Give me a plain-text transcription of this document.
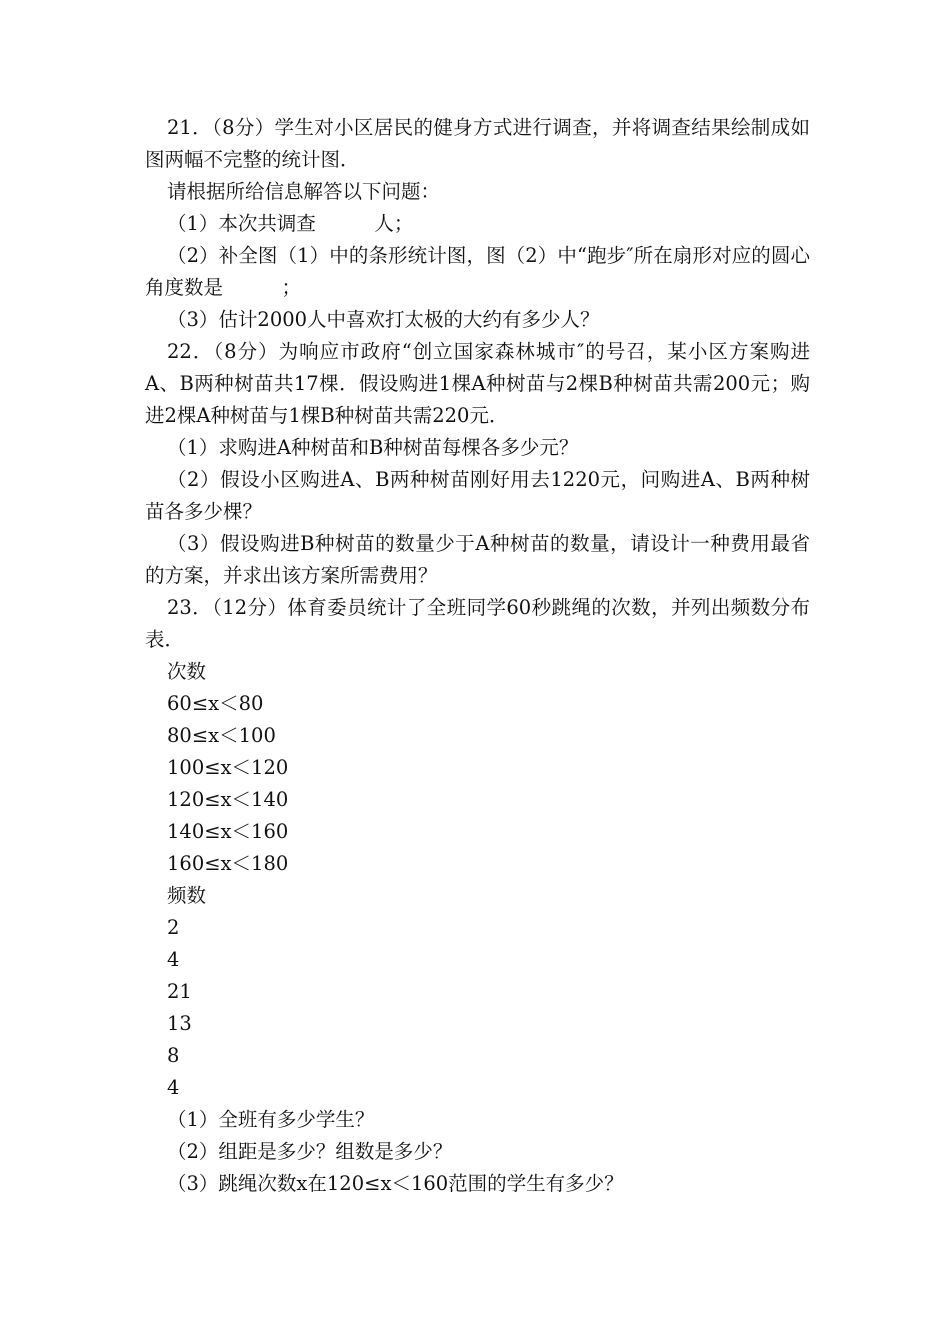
21．（8分）学生对小区居民的健身方式进行调查，并将调查结果绘制成如图两幅不完整的统计图．

请根据所给信息解答以下问题：

（1）本次共调查　　　人；

（2）补全图（1）中的条形统计图，图（2）中“跑步″所在扇形对应的圆心角度数是　　　；

（3）估计2000人中喜欢打太极的大约有多少人？

22．（8分）为响应市政府“创立国家森林城市″的号召，某小区方案购进A、B两种树苗共17棵．假设购进1棵A种树苗与2棵B种树苗共需200元；购进2棵A种树苗与1棵B种树苗共需220元．

（1）求购进A种树苗和B种树苗每棵各多少元？

（2）假设小区购进A、B两种树苗刚好用去1220元，问购进A、B两种树苗各多少棵？

（3）假设购进B种树苗的数量少于A种树苗的数量，请设计一种费用最省的方案，并求出该方案所需费用？

23．（12分）体育委员统计了全班同学60秒跳绳的次数，并列出频数分布表．

次数

60≤x＜80

80≤x＜100

100≤x＜120

120≤x＜140

140≤x＜160

160≤x＜180

频数

2

4

21

13

8

4

（1）全班有多少学生？

（2）组距是多少？组数是多少？

（3）跳绳次数x在120≤x＜160范围的学生有多少？
